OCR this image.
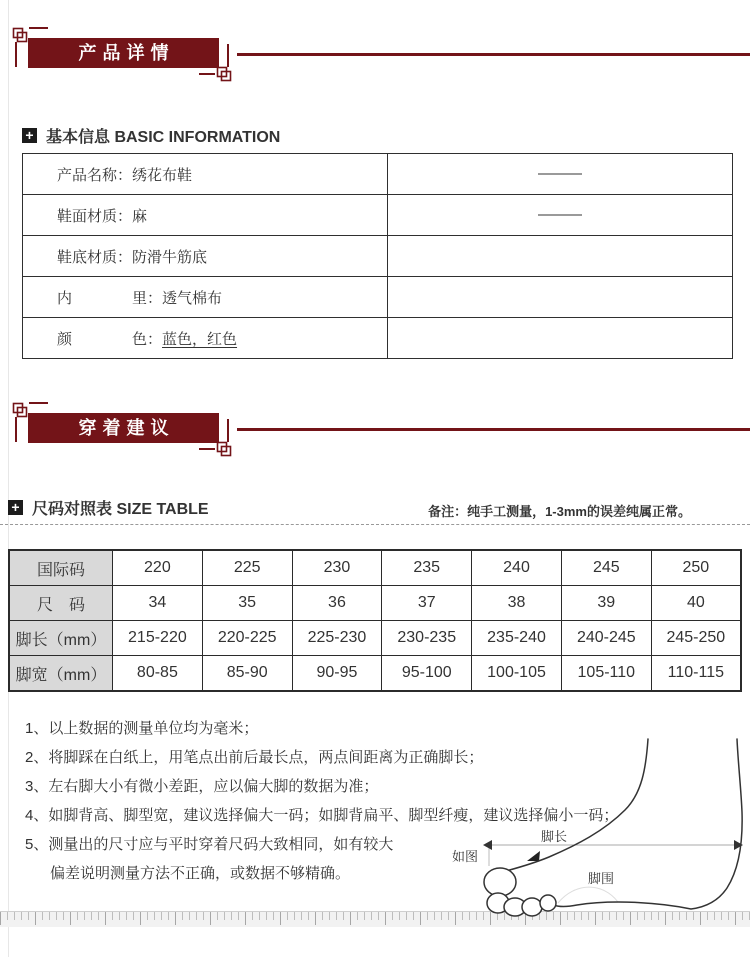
产品详情
+ 基本信息 BASIC INFORMATION
产品名称：绣花布鞋
鞋面材质：麻
鞋底材质：防滑牛筋底
内　　　　里：透气棉布
颜　　　　色： 蓝色，红色
穿着建议
+ 尺码对照表 SIZE TABLE	备注：纯手工测量，1-3mm的误差纯属正常。
国际码	220	225	230	235	240	245	250
尺　码	34	35	36	37	38	39	40
脚长（mm）	215-220	220-225	225-230	230-235	235-240	240-245	245-250
脚宽（mm）	80-85	85-90	90-95	95-100	100-105	105-110	110-115
1、以上数据的测量单位均为毫米；
2、将脚踩在白纸上，用笔点出前后最长点，两点间距离为正确脚长；
3、左右脚大小有微小差距，应以偏大脚的数据为准；
4、如脚背高、脚型宽，建议选择偏大一码；如脚背扁平、脚型纤瘦，建议选择偏小一码；
5、测量出的尺寸应与平时穿着尺码大致相同，如有较大
偏差说明测量方法不正确，或数据不够精确。
如图
脚长
脚围
